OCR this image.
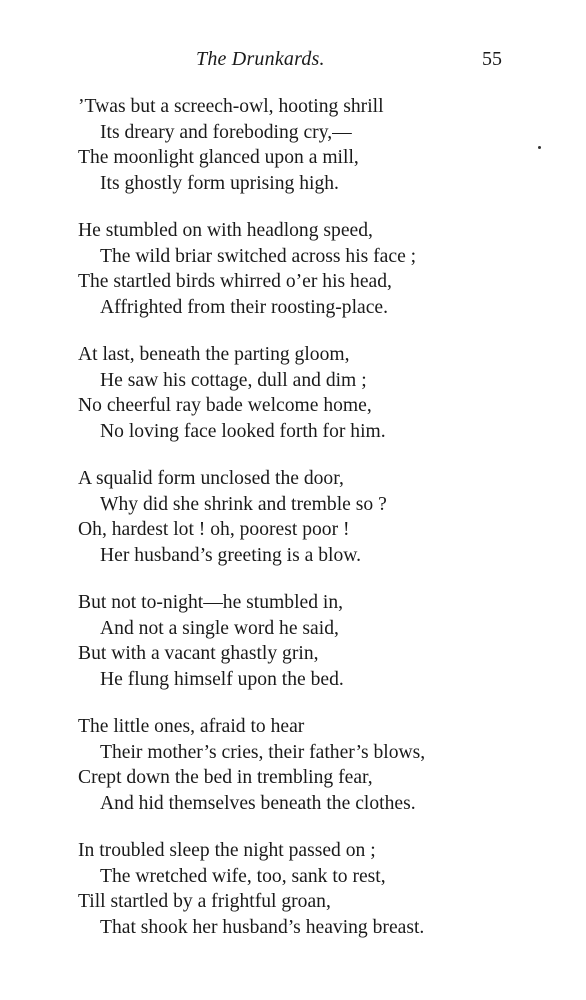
The Drunkards.	55
’Twas but a screech-owl, hooting shrill
Its dreary and foreboding cry,—
The moonlight glanced upon a mill,
Its ghostly form uprising high.
He stumbled on with headlong speed,
The wild briar switched across his face ;
The startled birds whirred o’er his head,
Affrighted from their roosting-place.
At last, beneath the parting gloom,
He saw his cottage, dull and dim ;
No cheerful ray bade welcome home,
No loving face looked forth for him.
A squalid form unclosed the door,
Why did she shrink and tremble so ?
Oh, hardest lot ! oh, poorest poor !
Her husband’s greeting is a blow.
But not to-night—he stumbled in,
And not a single word he said,
But with a vacant ghastly grin,
He flung himself upon the bed.
The little ones, afraid to hear
Their mother’s cries, their father’s blows,
Crept down the bed in trembling fear,
And hid themselves beneath the clothes.
In troubled sleep the night passed on ;
The wretched wife, too, sank to rest,
Till startled by a frightful groan,
That shook her husband’s heaving breast.
